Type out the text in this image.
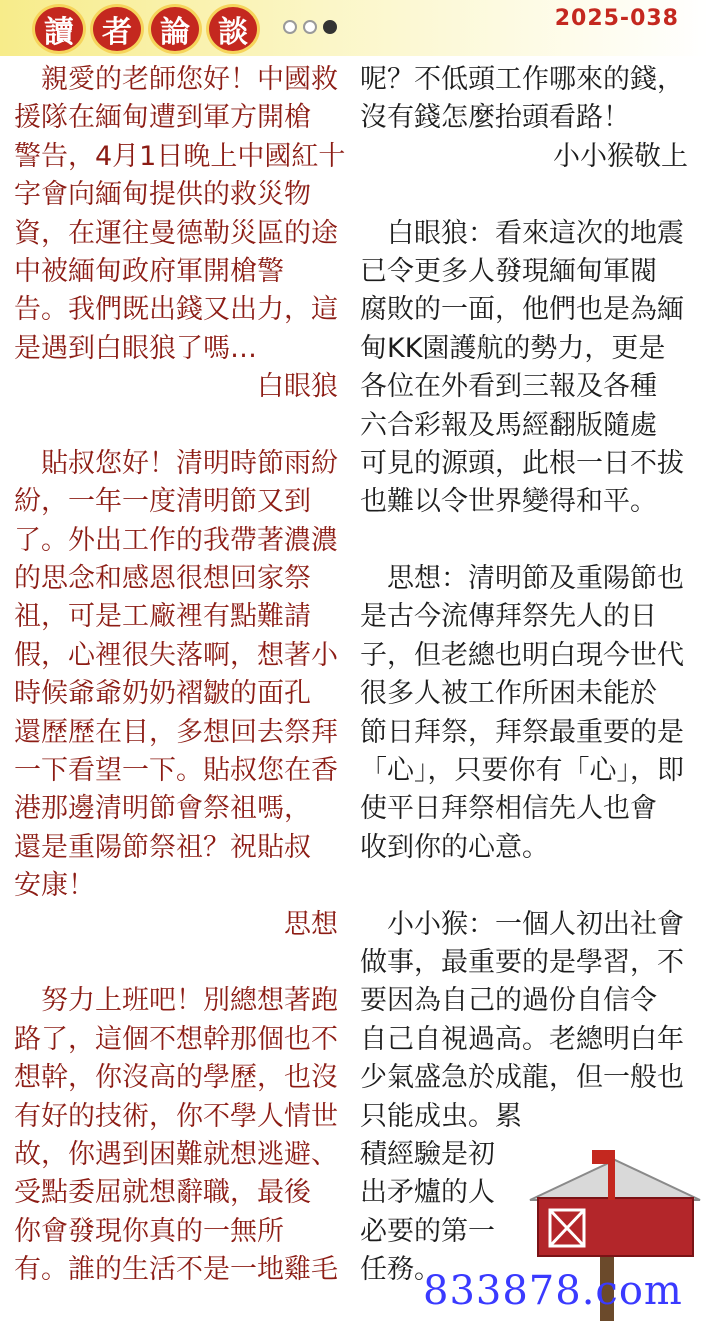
讀 者 論 談	2025-038
　親愛的老師您好！中國救
援隊在緬甸遭到軍方開槍
警告，4月1日晚上中國紅十
字會向緬甸提供的救災物
資，在運往曼德勒災區的途
中被緬甸政府軍開槍警
告。我們既出錢又出力，這
是遇到白眼狼了嗎…
白眼狼
　貼叔您好！清明時節雨紛
紛，一年一度清明節又到
了。外出工作的我帶著濃濃
的思念和感恩很想回家祭
祖，可是工廠裡有點難請
假，心裡很失落啊，想著小
時候爺爺奶奶褶皺的面孔
還歷歷在目，多想回去祭拜
一下看望一下。貼叔您在香
港那邊清明節會祭祖嗎，
還是重陽節祭祖？祝貼叔
安康！
思想
　努力上班吧！別總想著跑
路了，這個不想幹那個也不
想幹，你沒高的學歷，也沒
有好的技術，你不學人情世
故，你遇到困難就想逃避、
受點委屈就想辭職，最後
你會發現你真的一無所
有。誰的生活不是一地雞毛
呢？不低頭工作哪來的錢，
沒有錢怎麼抬頭看路！
小小猴敬上
　白眼狼：看來這次的地震
已令更多人發現緬甸軍閥
腐敗的一面，他們也是為緬
甸KK園護航的勢力，更是
各位在外看到三報及各種
六合彩報及馬經翻版隨處
可見的源頭，此根一日不拔
也難以令世界變得和平。
　思想：清明節及重陽節也
是古今流傳拜祭先人的日
子，但老總也明白現今世代
很多人被工作所困未能於
節日拜祭，拜祭最重要的是
「心」，只要你有「心」，即
使平日拜祭相信先人也會
收到你的心意。
　小小猴：一個人初出社會
做事，最重要的是學習，不
要因為自己的過份自信令
自己自視過高。老總明白年
少氣盛急於成龍，但一般也
只能成虫。累
積經驗是初
出矛爐的人
必要的第一
任務。
833878.com
